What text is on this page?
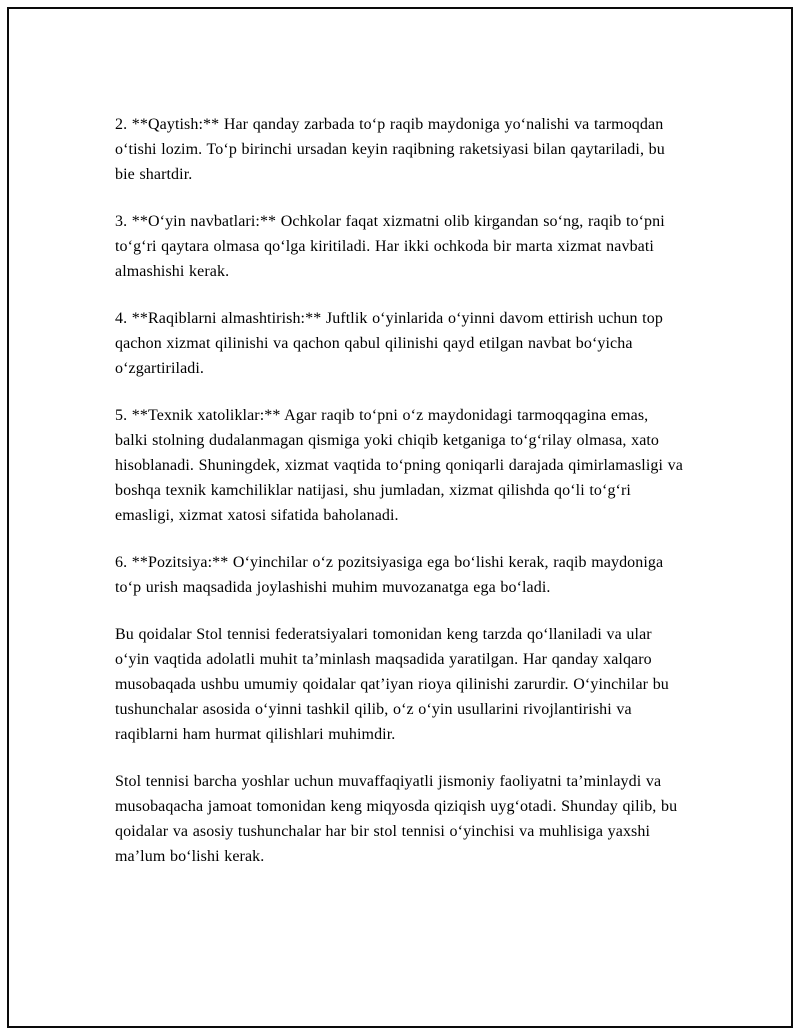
2. **Qaytish:** Har qanday zarbada to‘p raqib maydoniga yo‘nalishi va tarmoqdan o‘tishi lozim. To‘p birinchi ursadan keyin raqibning raketsiyasi bilan qaytariladi, bu bie shartdir.

3. **O‘yin navbatlari:** Ochkolar faqat xizmatni olib kirgandan so‘ng, raqib to‘pni to‘g‘ri qaytara olmasa qo‘lga kiritiladi. Har ikki ochkoda bir marta xizmat navbati almashishi kerak.

4. **Raqiblarni almashtirish:** Juftlik o‘yinlarida o‘yinni davom ettirish uchun top qachon xizmat qilinishi va qachon qabul qilinishi qayd etilgan navbat bo‘yicha o‘zgartiriladi.

5. **Texnik xatoliklar:** Agar raqib to‘pni o‘z maydonidagi tarmoqqagina emas, balki stolning dudalanmagan qismiga yoki chiqib ketganiga to‘g‘rilay olmasa, xato hisoblanadi. Shuningdek, xizmat vaqtida to‘pning qoniqarli darajada qimirlamasligi va boshqa texnik kamchiliklar natijasi, shu jumladan, xizmat qilishda qo‘li to‘g‘ri emasligi, xizmat xatosi sifatida baholanadi.

6. **Pozitsiya:** O‘yinchilar o‘z pozitsiyasiga ega bo‘lishi kerak, raqib maydoniga to‘p urish maqsadida joylashishi muhim muvozanatga ega bo‘ladi.

Bu qoidalar Stol tennisi federatsiyalari tomonidan keng tarzda qo‘llaniladi va ular o‘yin vaqtida adolatli muhit ta’minlash maqsadida yaratilgan. Har qanday xalqaro musobaqada ushbu umumiy qoidalar qat’iyan rioya qilinishi zarurdir. O‘yinchilar bu tushunchalar asosida o‘yinni tashkil qilib, o‘z o‘yin usullarini rivojlantirishi va raqiblarni ham hurmat qilishlari muhimdir.

Stol tennisi barcha yoshlar uchun muvaffaqiyatli jismoniy faoliyatni ta’minlaydi va musobaqacha jamoat tomonidan keng miqyosda qiziqish uyg‘otadi. Shunday qilib, bu qoidalar va asosiy tushunchalar har bir stol tennisi o‘yinchisi va muhlisiga yaxshi ma’lum bo‘lishi kerak.
